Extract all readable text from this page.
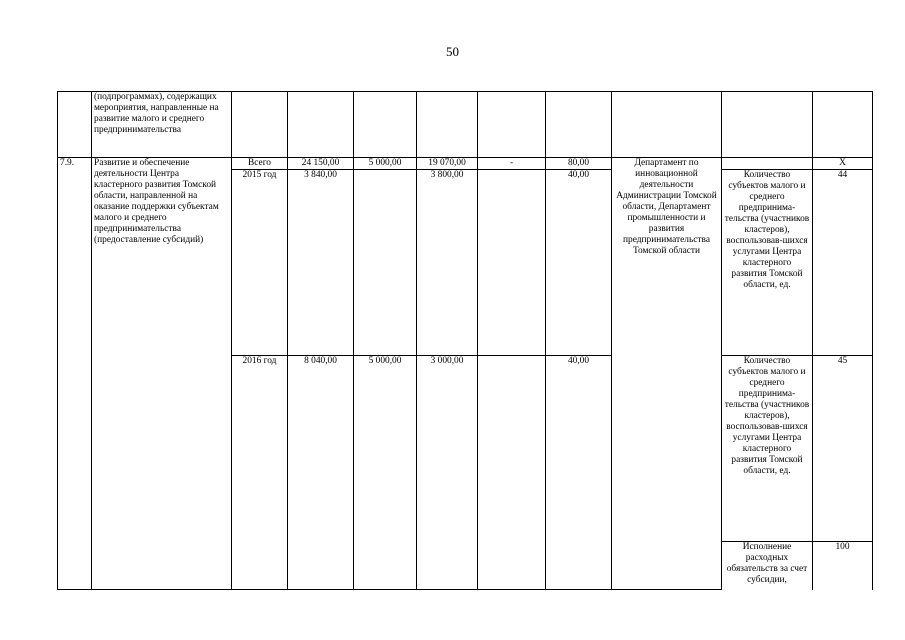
50
	(подпрограммах), содержащих мероприятия, направленные на развитие малого и среднего предпринимательства									
7.9.	Развитие и обеспечение деятельности Центра кластерного развития Томской области, направленной на оказание поддержки субъектам малого и среднего предпринимательства (предоставление субсидий)	Всего	24 150,00	5 000,00	19 070,00	-	80,00	Департамент по инновационной деятельности Администрации Томской области, Департамент промышленности и развития предпринимательства Томской области		X
		2015 год	3 840,00		3 800,00		40,00		Количество субъектов малого и среднего предпринима-тельства (участников кластеров), воспользовав-шихся услугами Центра кластерного развития Томской области, ед.	44
		2016 год	8 040,00	5 000,00	3 000,00		40,00		Количество субъектов малого и среднего предпринима-тельства (участников кластеров), воспользовав-шихся услугами Центра кластерного развития Томской области, ед.	45
									Исполнение расходных обязательств за счет субсидии,	100
